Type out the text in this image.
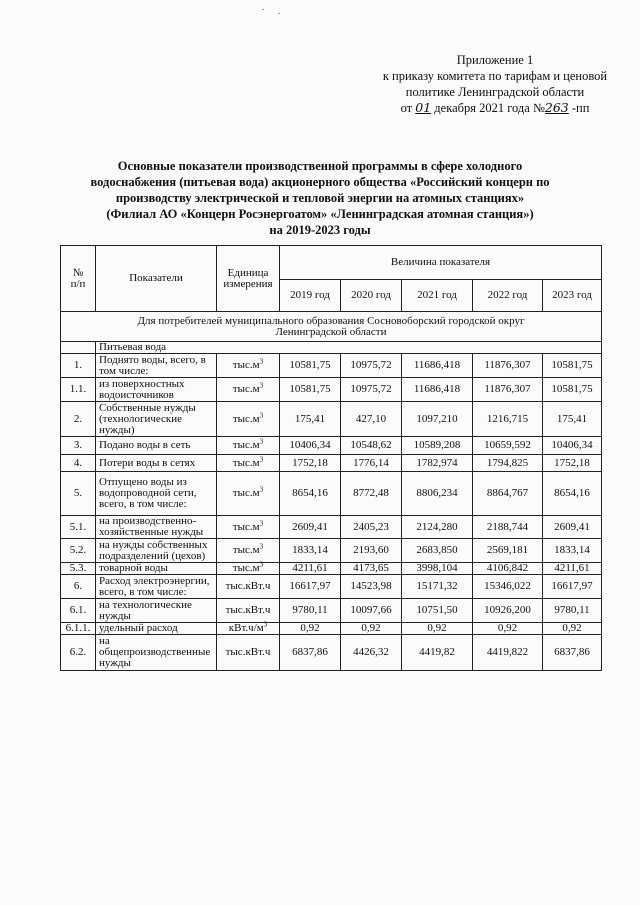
Приложение 1
к приказу комитета по тарифам и ценовой
политике Ленинградской области
от 01 декабря 2021 года №263 -пп
Основные показатели производственной программы в сфере холодного
водоснабжения (питьевая вода) акционерного общества «Российский концерн по
производству электрической и тепловой энергии на атомных станциях»
(Филиал АО «Концерн Росэнергоатом» «Ленинградская атомная станция»)
на 2019-2023 годы
№
п/п	Показатели	Единица
измерения	Величина показателя				
			2019 год	2020 год	2021 год	2022 год	2023 год

Для потребителей муниципального образования Сосновоборский городской округ
Ленинградской области							

	Питьевая вода						
1.	Поднято воды, всего, в
том числе:	$тыс.м^3$	10581,75	10975,72	11686,418	11876,307	10581,75
1.1.	из поверхностных
водоисточников	$тыс.м^3$	10581,75	10975,72	11686,418	11876,307	10581,75
2.	Собственные нужды
(технологические
нужды)	$тыс.м^3$	175,41	427,10	1097,210	1216,715	175,41
3.	Подано воды в сеть	$тыс.м^3$	10406,34	10548,62	10589,208	10659,592	10406,34
4.	Потери воды в сетях	$тыс.м^3$	1752,18	1776,14	1782,974	1794,825	1752,18
5.	Отпущено воды из
водопроводной сети,
всего, в том числе:	$тыс.м^3$	8654,16	8772,48	8806,234	8864,767	8654,16
5.1.	на производственно-
хозяйственные нужды	$тыс.м^3$	2609,41	2405,23	2124,280	2188,744	2609,41
5.2.	на нужды собственных
подразделений (цехов)	$тыс.м^3$	1833,14	2193,60	2683,850	2569,181	1833,14
5.3.	товарной воды	$тыс.м^3$	4211,61	4173,65	3998,104	4106,842	4211,61
6.	Расход электроэнергии,
всего, в том числе:	тыс.кВт.ч	16617,97	14523,98	15171,32	15346,022	16617,97
6.1.	на технологические
нужды	тыс.кВт.ч	9780,11	10097,66	10751,50	10926,200	9780,11
6.1.1.	удельный расход	$кВт.ч/м^3$	0,92	0,92	0,92	0,92	0,92
6.2.	на
общепроизводственные
нужды	тыс.кВт.ч	6837,86	4426,32	4419,82	4419,822	6837,86
